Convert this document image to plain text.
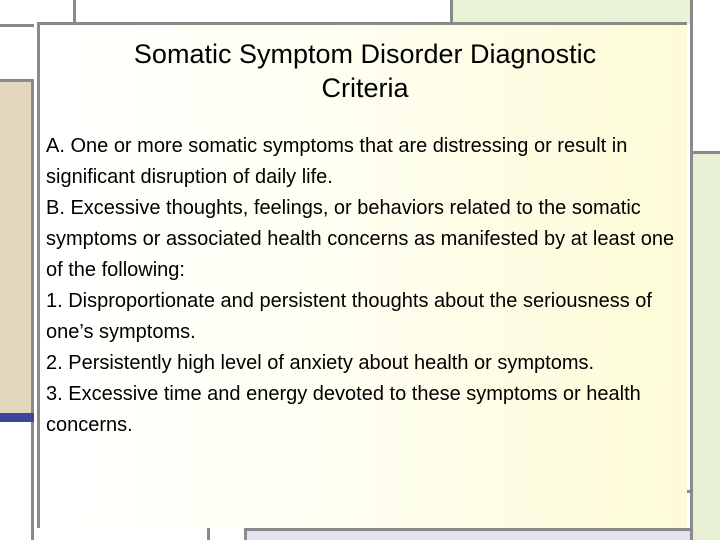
Somatic Symptom Disorder Diagnostic
Criteria

A. One or more somatic symptoms that are distressing or result in significant disruption of daily life.

B. Excessive thoughts, feelings, or behaviors related to the somatic symptoms or associated health concerns as manifested by at least one of the following:

1. Disproportionate and persistent thoughts about the seriousness of one’s symptoms.

2. Persistently high level of anxiety about health or symptoms.

3. Excessive time and energy devoted to these symptoms or health concerns.
